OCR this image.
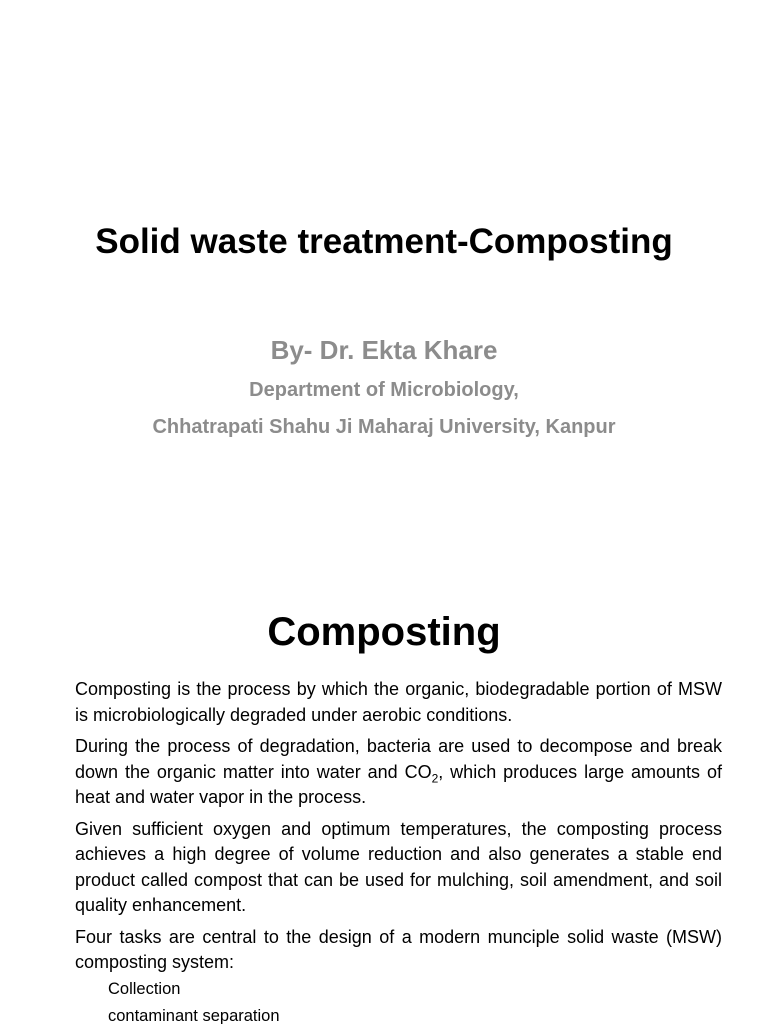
Solid waste treatment-Composting

By- Dr. Ekta Khare

Department of Microbiology,

Chhatrapati Shahu Ji Maharaj University, Kanpur

Composting

Composting is the process by which the organic, biodegradable portion of MSW is microbiologically degraded under aerobic conditions.

During the process of degradation, bacteria are used to decompose and break down the organic matter into water and $CO_2$, which produces large amounts of heat and water vapor in the process.

Given sufficient oxygen and optimum temperatures, the composting process achieves a high degree of volume reduction and also generates a stable end product called compost that can be used for mulching, soil amendment, and soil quality enhancement.

Four tasks are central to the design of a modern munciple solid waste (MSW) composting system:

Collection

contaminant separation
